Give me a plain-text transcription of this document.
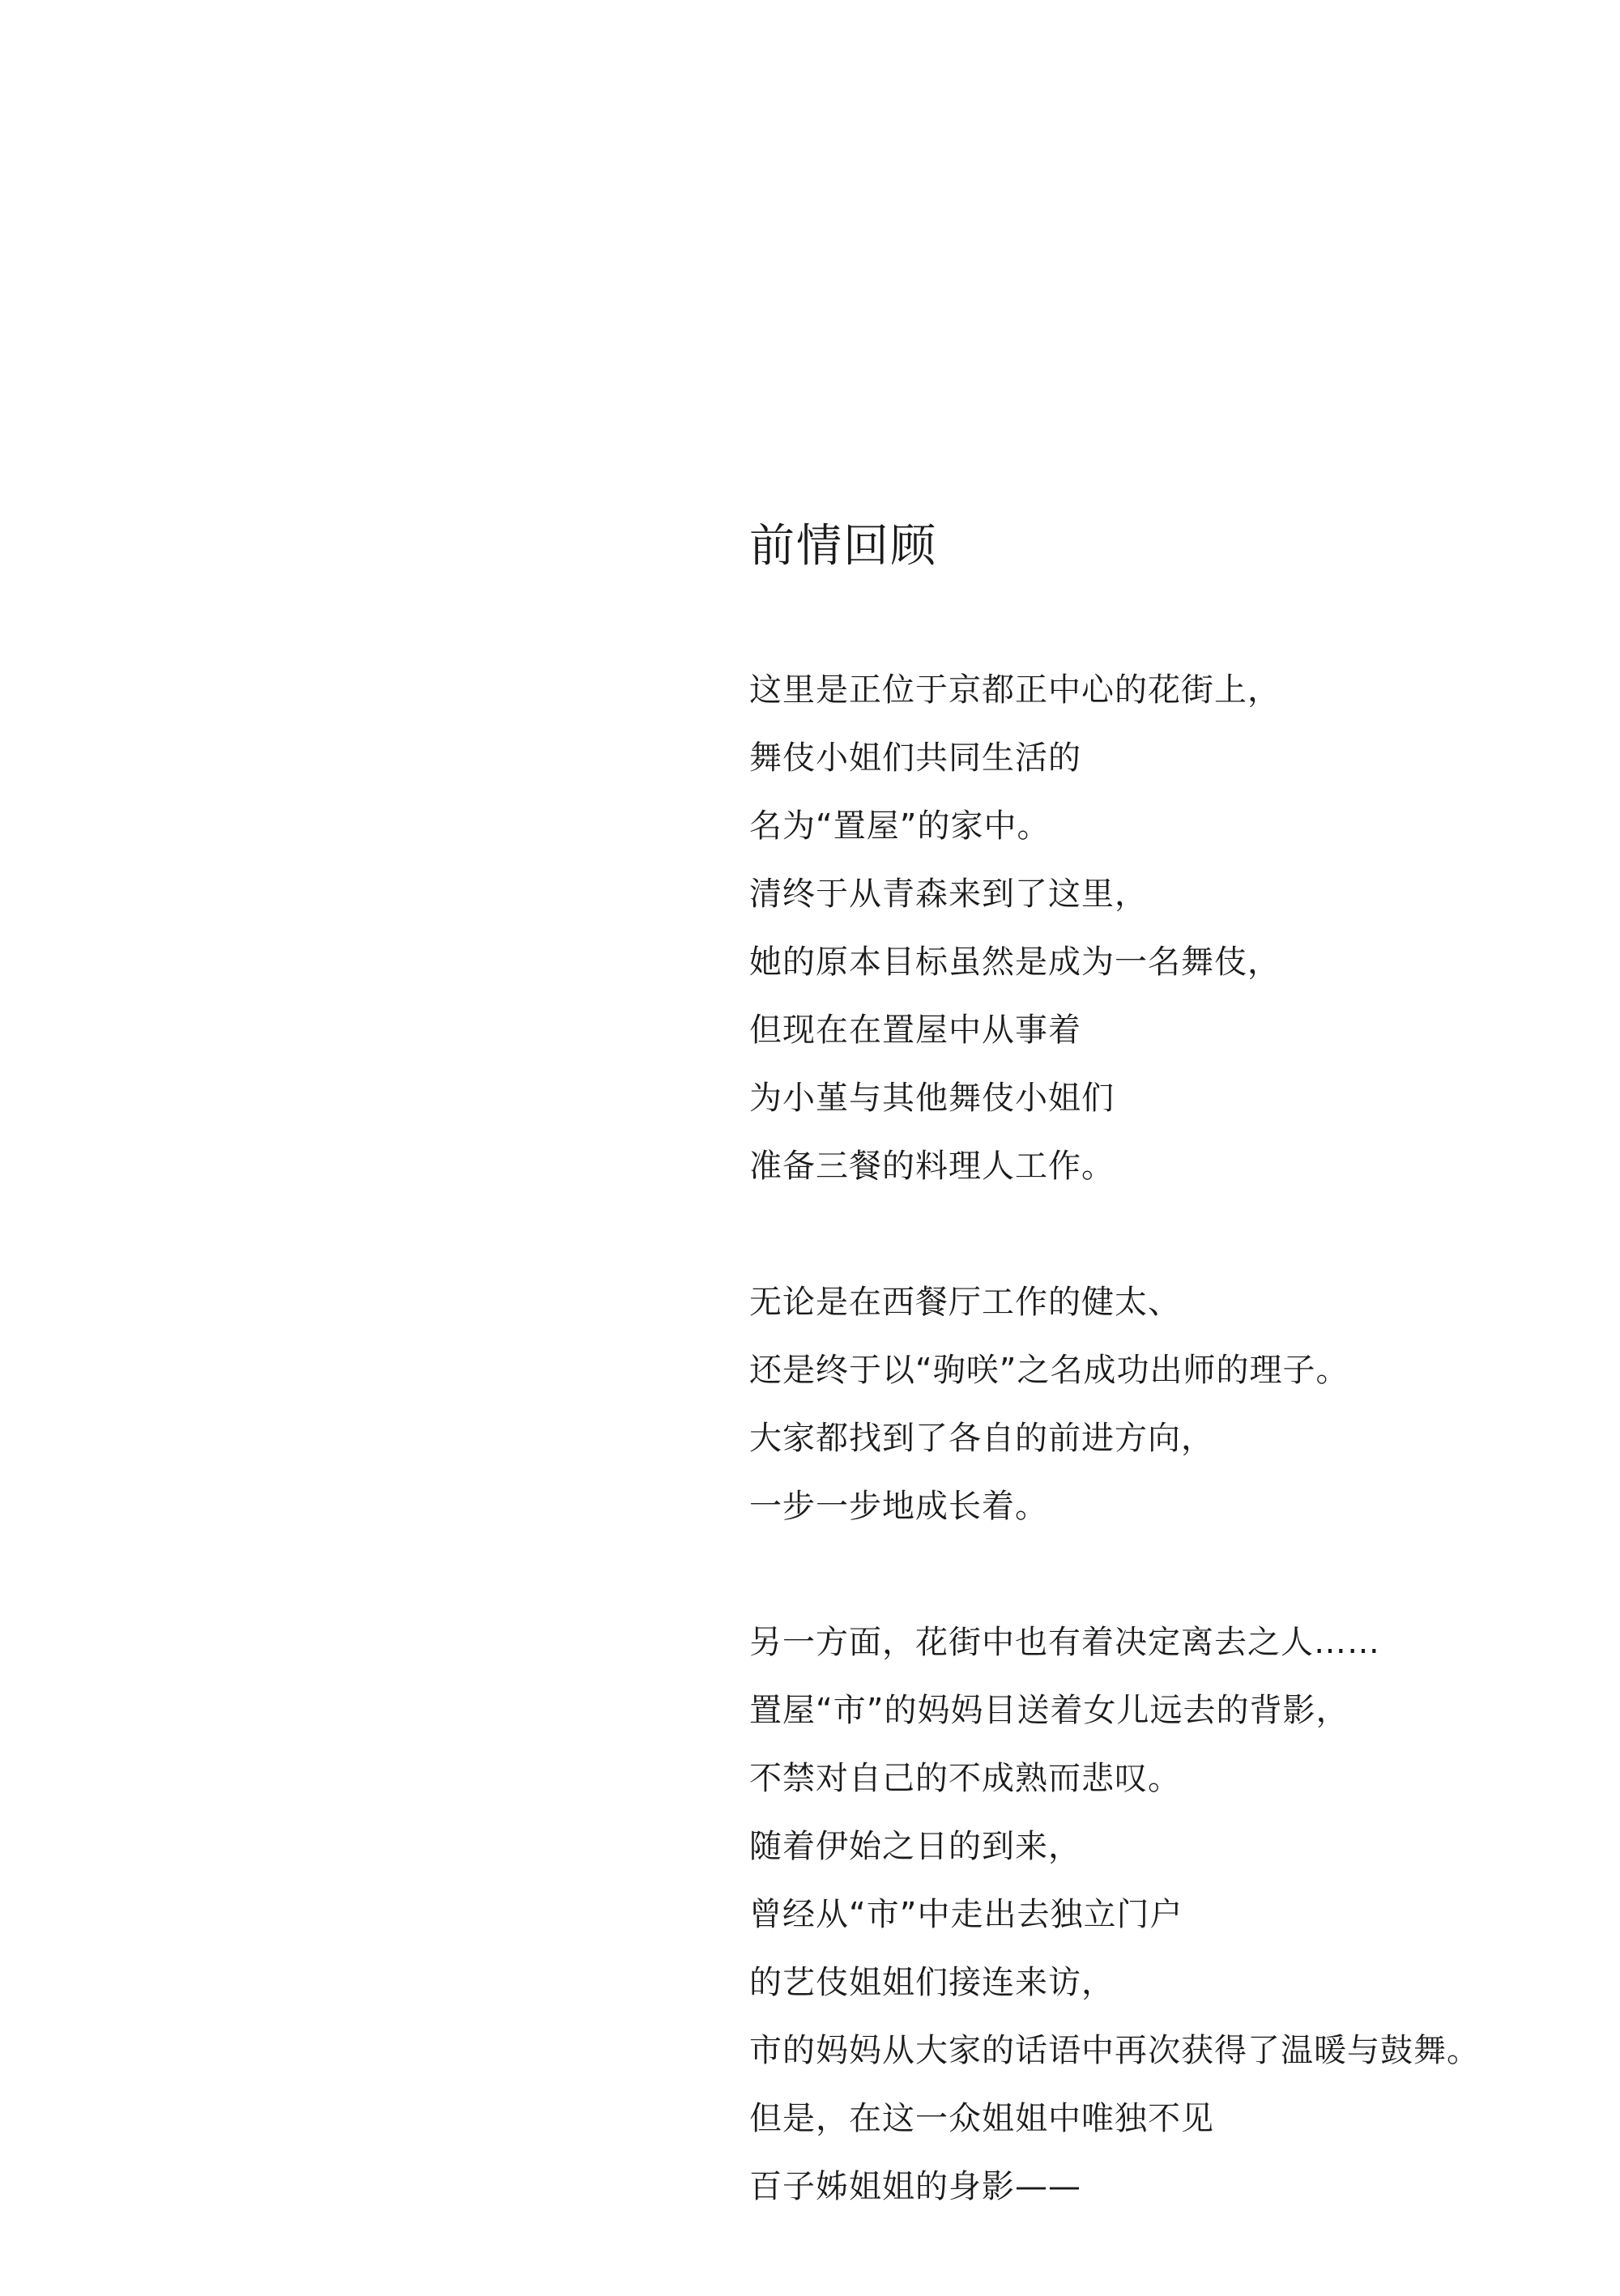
前情回顾
这里是正位于京都正中心的花街上，
舞伎小姐们共同生活的
名为“置屋”的家中。
清终于从青森来到了这里，
她的原本目标虽然是成为一名舞伎，
但现在在置屋中从事着
为小堇与其他舞伎小姐们
准备三餐的料理人工作。
无论是在西餐厅工作的健太、
还是终于以“驹咲”之名成功出师的理子。
大家都找到了各自的前进方向，
一步一步地成长着。
另一方面，花街中也有着决定离去之人……
置屋“市”的妈妈目送着女儿远去的背影，
不禁对自己的不成熟而悲叹。
随着伊始之日的到来，
曾经从“市”中走出去独立门户
的艺伎姐姐们接连来访，
市的妈妈从大家的话语中再次获得了温暖与鼓舞。
但是，在这一众姐姐中唯独不见
百子姊姐姐的身影——
